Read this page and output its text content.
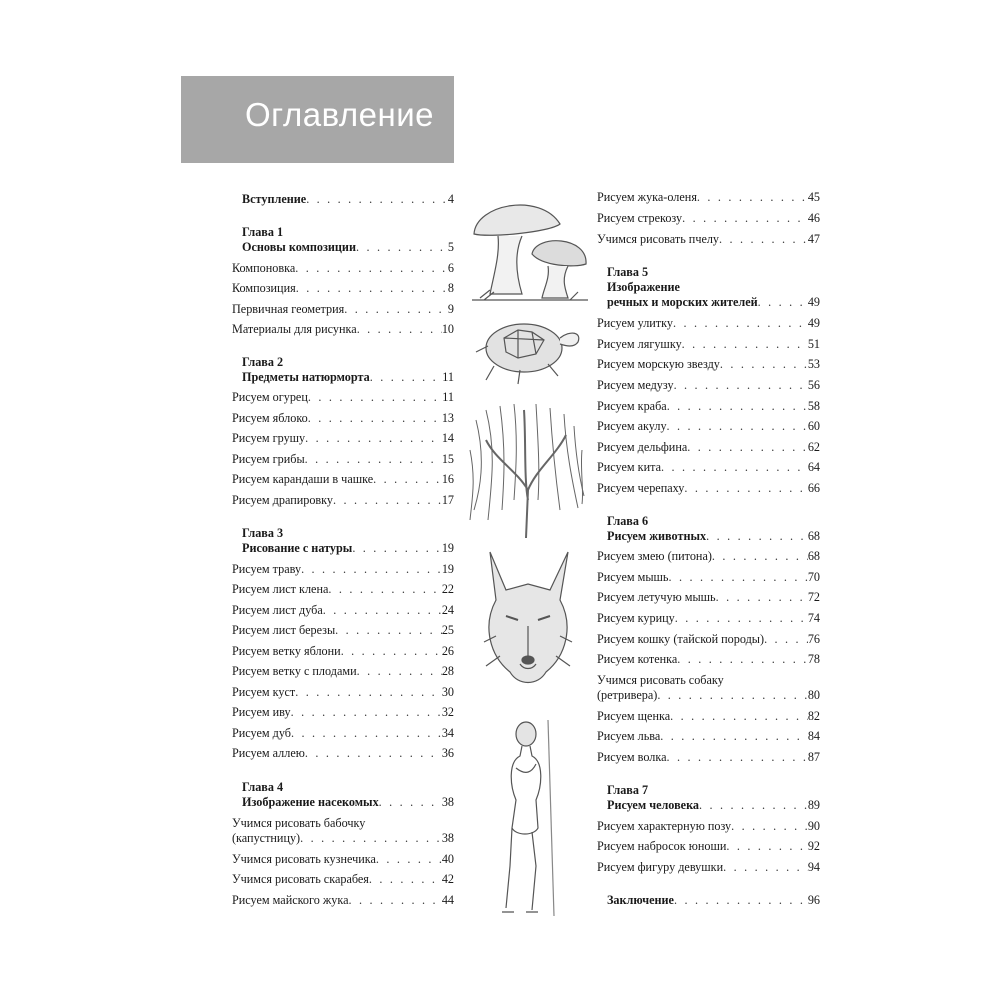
Оглавление
Вступление . . .	4
Глава 1
Основы композиции . . .	5
Компоновка . . .	6
Композиция . . .	8
Первичная геометрия . . .	9
Материалы для рисунка . . .	10
Глава 2
Предметы натюрморта . . .	11
Рисуем огурец . . .	11
Рисуем яблоко . . .	13
Рисуем грушу . . .	14
Рисуем грибы . . .	15
Рисуем карандаши в чашке . . .	16
Рисуем драпировку . . .	17
Глава 3
Рисование с натуры . . .	19
Рисуем траву . . .	19
Рисуем лист клена . . .	22
Рисуем лист дуба . . .	24
Рисуем лист березы . . .	25
Рисуем ветку яблони . . .	26
Рисуем ветку с плодами . . .	28
Рисуем куст . . .	30
Рисуем иву . . .	32
Рисуем дуб . . .	34
Рисуем аллею . . .	36
Глава 4
Изображение насекомых . . .	38
Учимся рисовать бабочку
(капустницу) . . .	38
Учимся рисовать кузнечика . . .	40
Учимся рисовать скарабея . . .	42
Рисуем майского жука . . .	44
Рисуем жука-оленя . . .	45
Рисуем стрекозу . . .	46
Учимся рисовать пчелу . . .	47
Глава 5
Изображение
речных и морских жителей . . .	49
Рисуем улитку . . .	49
Рисуем лягушку . . .	51
Рисуем морскую звезду . . .	53
Рисуем медузу . . .	56
Рисуем краба . . .	58
Рисуем акулу . . .	60
Рисуем дельфина . . .	62
Рисуем кита . . .	64
Рисуем черепаху . . .	66
Глава 6
Рисуем животных . . .	68
Рисуем змею (питона) . . .	68
Рисуем мышь . . .	70
Рисуем летучую мышь . . .	72
Рисуем курицу . . .	74
Рисуем кошку (тайской породы) . . .	76
Рисуем котенка . . .	78
Учимся рисовать собаку
(ретривера) . . .	80
Рисуем щенка . . .	82
Рисуем льва . . .	84
Рисуем волка . . .	87
Глава 7
Рисуем человека . . .	89
Рисуем характерную позу . . .	90
Рисуем набросок юноши . . .	92
Рисуем фигуру девушки . . .	94
Заключение . . .	96
